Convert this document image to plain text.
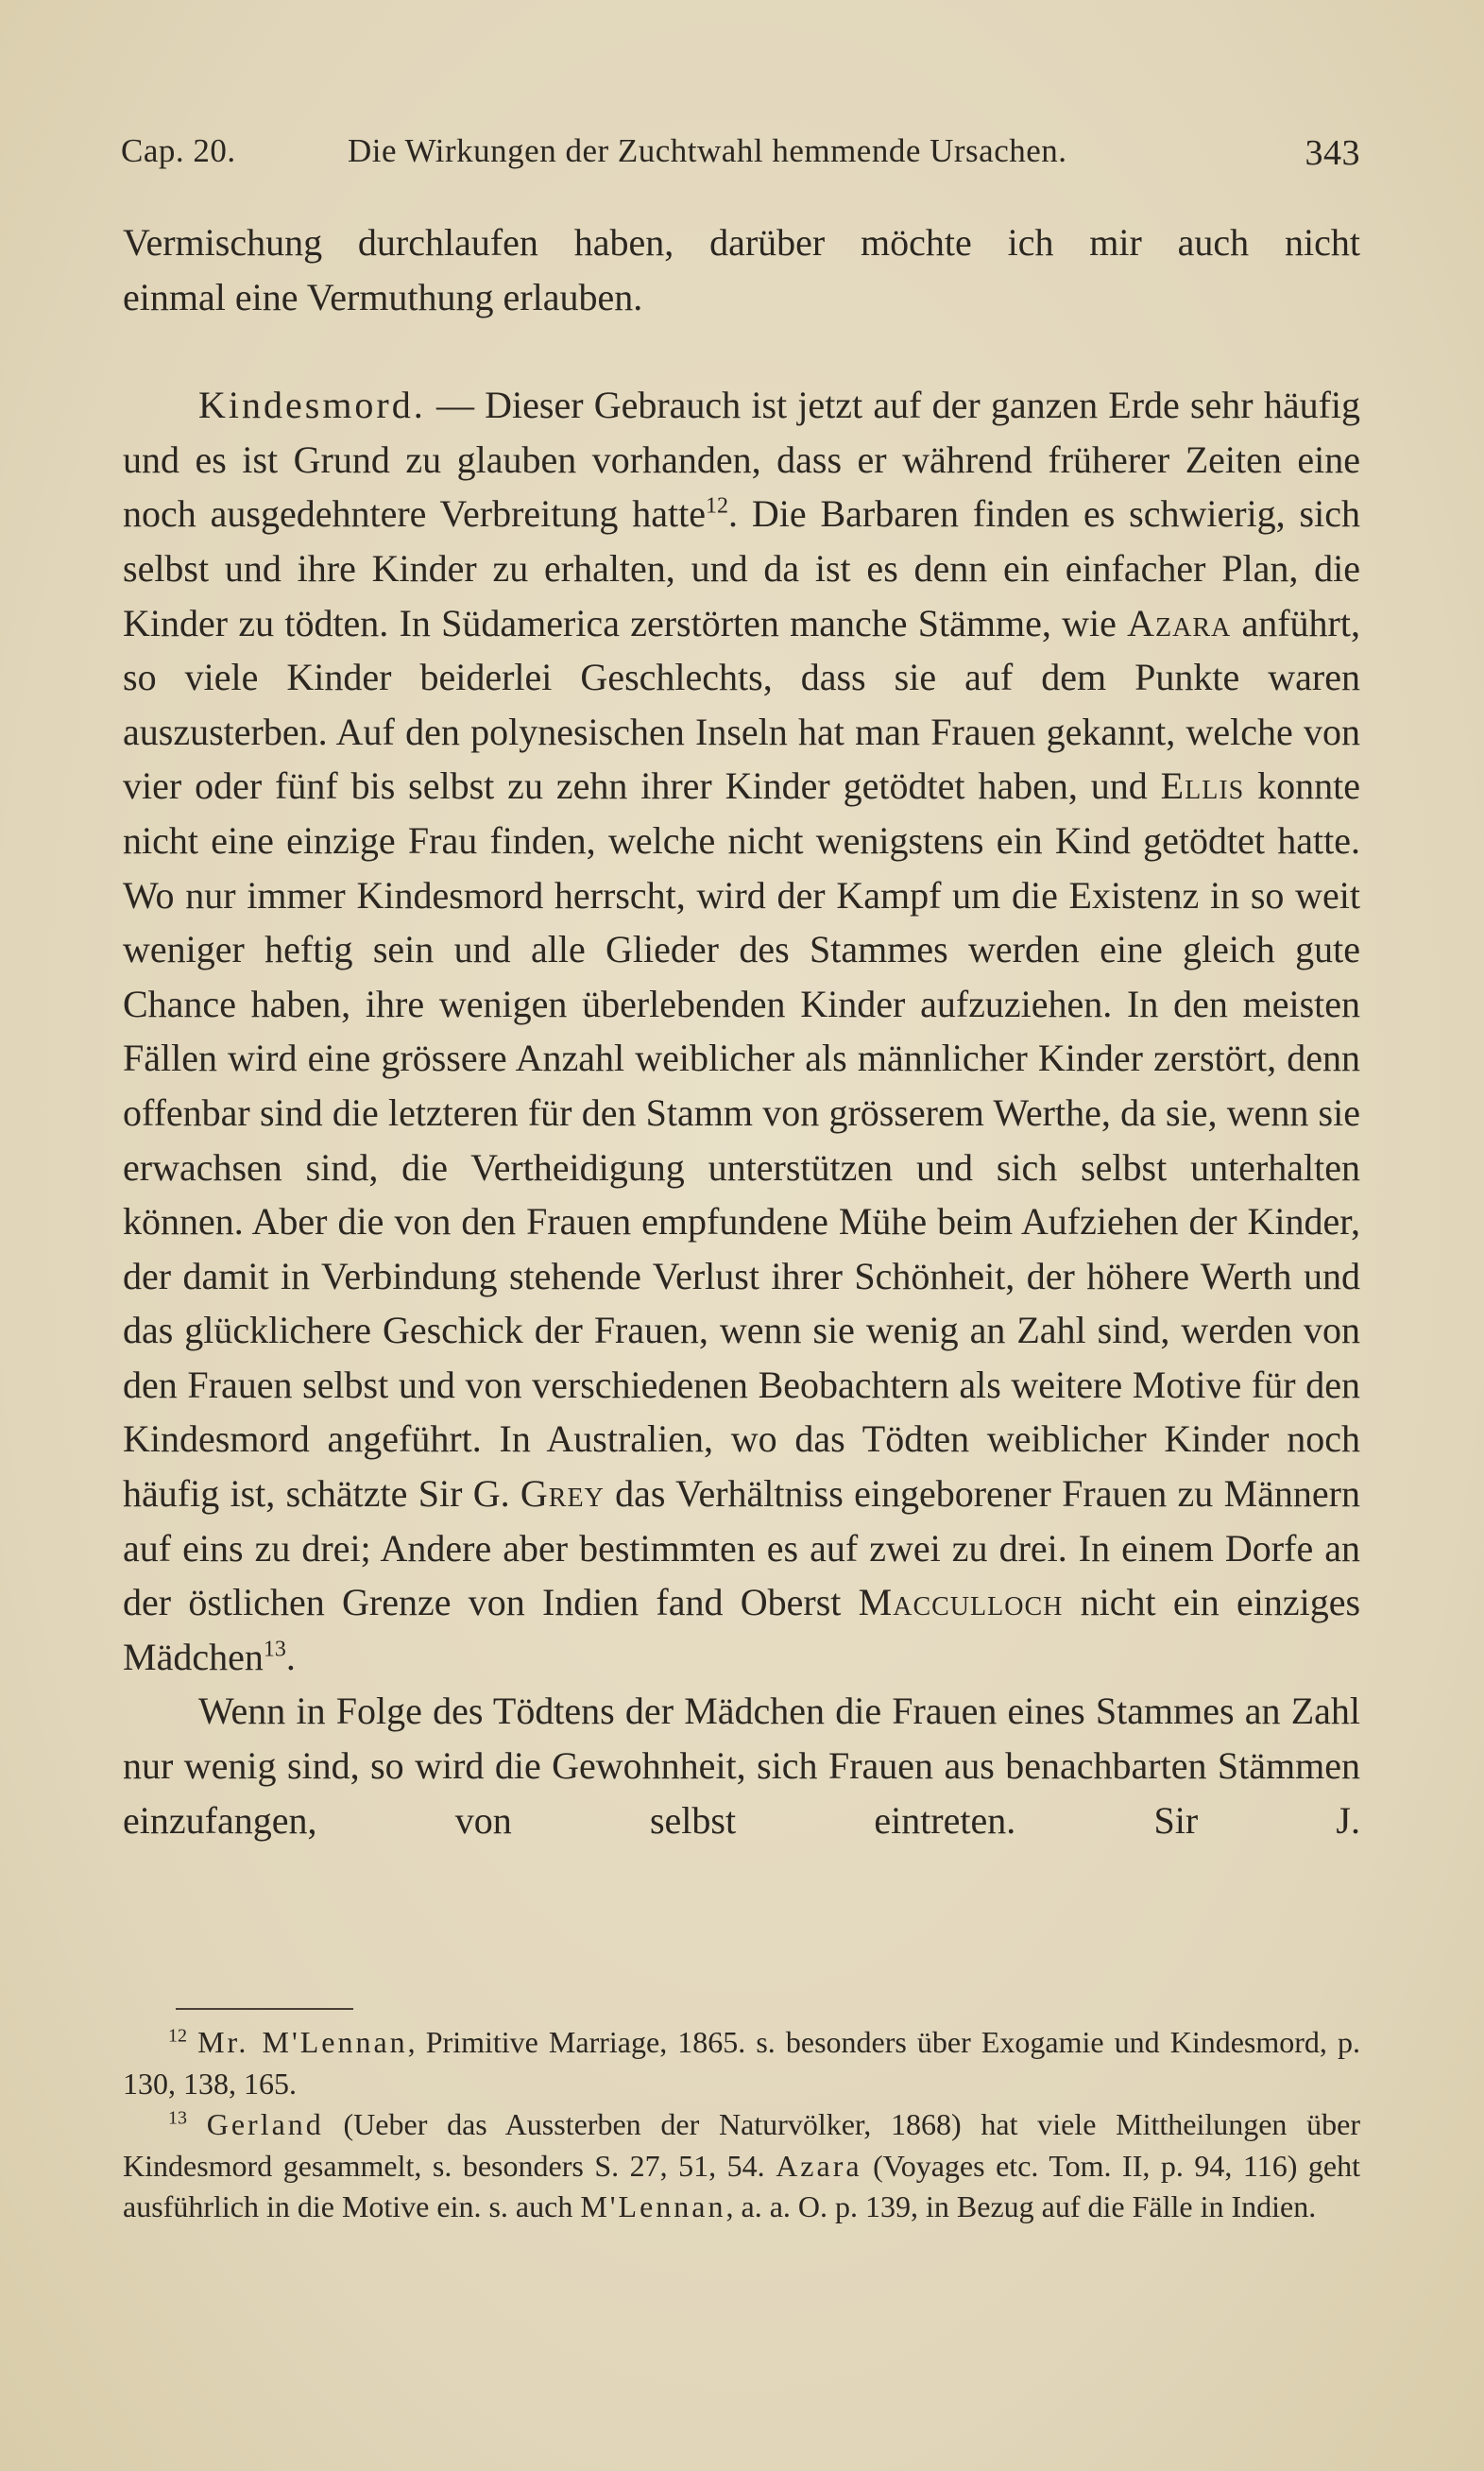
Cap. 20.	Die Wirkungen der Zuchtwahl hemmende Ursachen.	343

Vermischung durchlaufen haben, darüber möchte ich mir auch nicht

einmal eine Vermuthung erlauben.

Kindesmord. — Dieser Gebrauch ist jetzt auf der ganzen Erde sehr häufig und es ist Grund zu glauben vorhanden, dass er während früherer Zeiten eine noch ausgedehntere Verbreitung hatte$^{12}$. Die Barbaren finden es schwierig, sich selbst und ihre Kinder zu erhalten, und da ist es denn ein einfacher Plan, die Kinder zu tödten. In Südamerica zerstörten manche Stämme, wie Azara anführt, so viele Kinder beiderlei Geschlechts, dass sie auf dem Punkte waren auszusterben. Auf den polynesischen Inseln hat man Frauen gekannt, welche von vier oder fünf bis selbst zu zehn ihrer Kinder getödtet haben, und Ellis konnte nicht eine einzige Frau finden, welche nicht wenigstens ein Kind getödtet hatte. Wo nur immer Kindesmord herrscht, wird der Kampf um die Existenz in so weit weniger heftig sein und alle Glieder des Stammes werden eine gleich gute Chance haben, ihre wenigen überlebenden Kinder aufzuziehen. In den meisten Fällen wird eine grössere Anzahl weiblicher als männlicher Kinder zerstört, denn offenbar sind die letzteren für den Stamm von grösserem Werthe, da sie, wenn sie erwachsen sind, die Vertheidigung unterstützen und sich selbst unterhalten können. Aber die von den Frauen empfundene Mühe beim Aufziehen der Kinder, der damit in Verbindung stehende Verlust ihrer Schönheit, der höhere Werth und das glücklichere Geschick der Frauen, wenn sie wenig an Zahl sind, werden von den Frauen selbst und von verschiedenen Beobachtern als weitere Motive für den Kindesmord angeführt. In Australien, wo das Tödten weiblicher Kinder noch häufig ist, schätzte Sir G. Grey das Verhältniss eingeborener Frauen zu Männern auf eins zu drei; Andere aber bestimmten es auf zwei zu drei. In einem Dorfe an der östlichen Grenze von Indien fand Oberst Macculloch nicht ein einziges Mädchen$^{13}$.

Wenn in Folge des Tödtens der Mädchen die Frauen eines Stammes an Zahl nur wenig sind, so wird die Gewohnheit, sich Frauen aus benachbarten Stämmen einzufangen, von selbst eintreten. Sir J.

$^{12}$ Mr. M'Lennan, Primitive Marriage, 1865. s. besonders über Exogamie und Kindesmord, p. 130, 138, 165.

$^{13}$ Gerland (Ueber das Aussterben der Naturvölker, 1868) hat viele Mittheilungen über Kindesmord gesammelt, s. besonders S. 27, 51, 54. Azara (Voyages etc. Tom. II, p. 94, 116) geht ausführlich in die Motive ein. s. auch M'Lennan, a. a. O. p. 139, in Bezug auf die Fälle in Indien.
